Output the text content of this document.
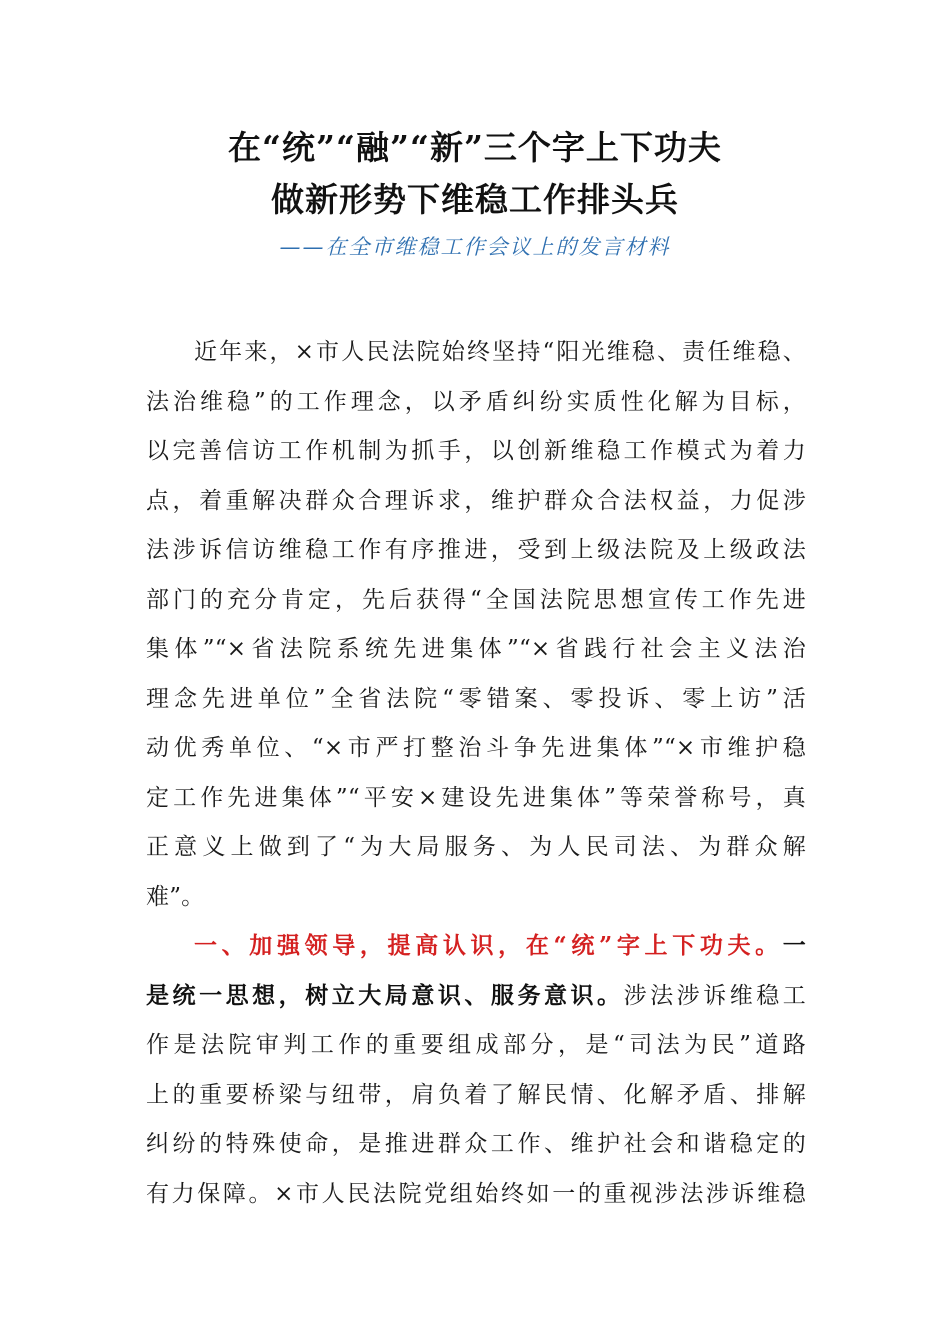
在“统”“融”“新”三个字上下功夫
做新形势下维稳工作排头兵
——在全市维稳工作会议上的发言材料
近年来，×市人民法院始终坚持“阳光维稳、责任维稳、
法治维稳”的工作理念，以矛盾纠纷实质性化解为目标，
以完善信访工作机制为抓手，以创新维稳工作模式为着力
点，着重解决群众合理诉求，维护群众合法权益，力促涉
法涉诉信访维稳工作有序推进，受到上级法院及上级政法
部门的充分肯定，先后获得“全国法院思想宣传工作先进
集体”“×省法院系统先进集体”“×省践行社会主义法治
理念先进单位”全省法院“零错案、零投诉、零上访”活
动优秀单位、“×市严打整治斗争先进集体”“×市维护稳
定工作先进集体”“平安×建设先进集体”等荣誉称号，真
正意义上做到了“为大局服务、为人民司法、为群众解
难”。
一、加强领导，提高认识，在“统”字上下功夫。一
是统一思想，树立大局意识、服务意识。涉法涉诉维稳工
作是法院审判工作的重要组成部分，是“司法为民”道路
上的重要桥梁与纽带，肩负着了解民情、化解矛盾、排解
纠纷的特殊使命，是推进群众工作、维护社会和谐稳定的
有力保障。×市人民法院党组始终如一的重视涉法涉诉维稳
